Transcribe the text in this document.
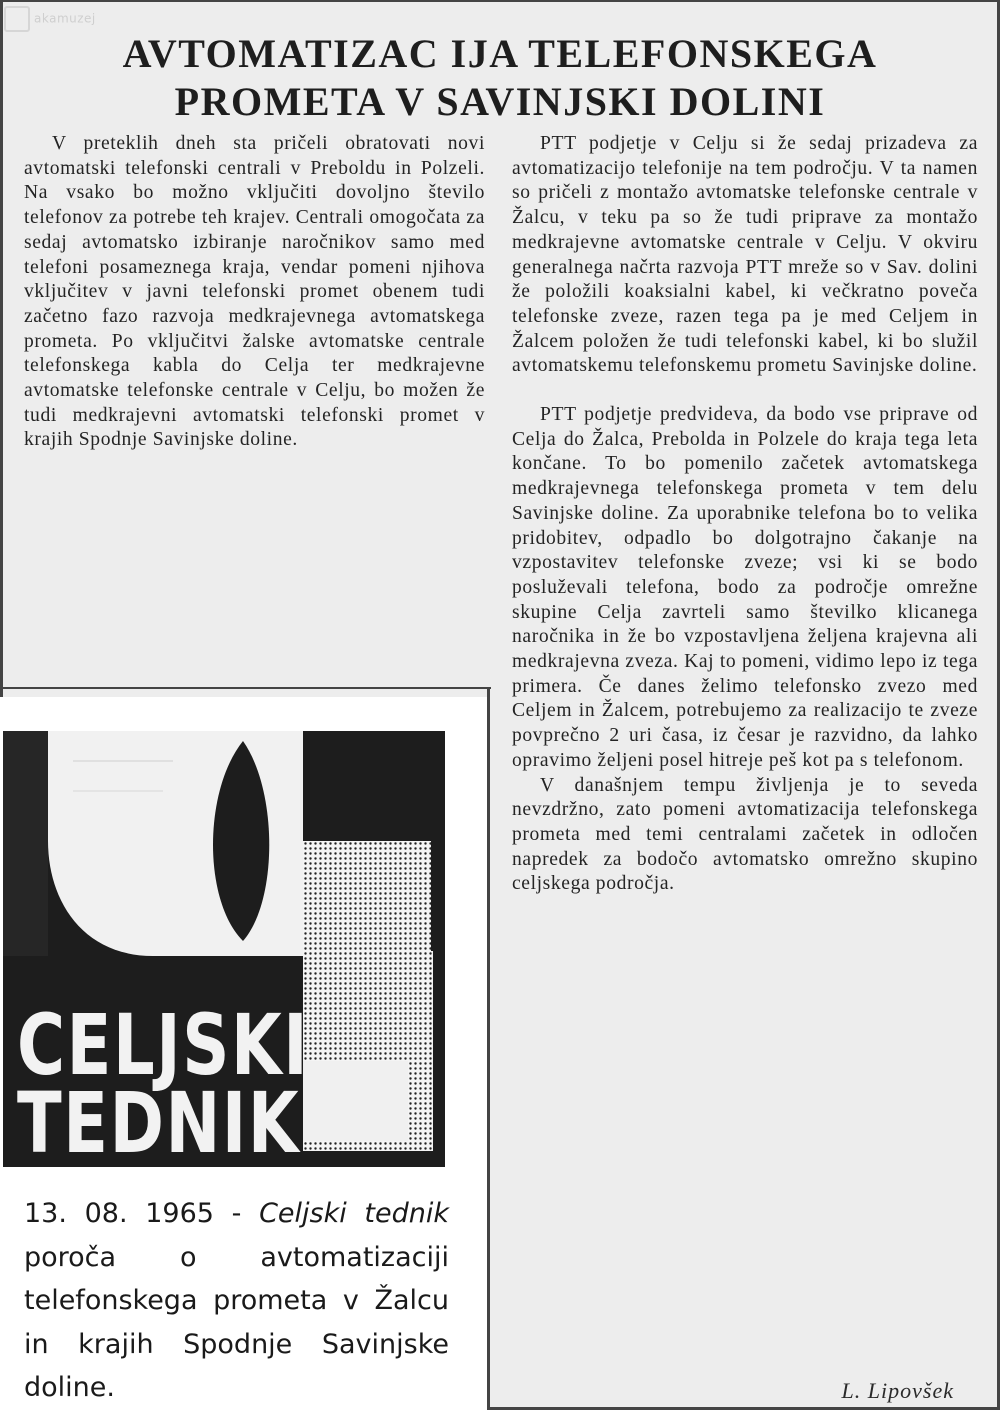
akamuzej
AVTOMATIZAC IJA TELEFONSKEGA
PROMETA V SAVINJSKI DOLINI

V preteklih dneh sta pričeli obratovati novi avtomatski telefonski centrali v Preboldu in Polzeli. Na vsako bo možno vključiti dovoljno število telefonov za potrebe teh krajev. Centrali omogočata za sedaj avtomatsko izbiranje naročnikov samo med telefoni posameznega kraja, vendar pomeni njihova vključitev v javni telefonski promet obenem tudi začetno fazo razvoja medkrajevnega avtomatskega prometa. Po vključitvi žalske avtomatske centrale telefonskega kabla do Celja ter medkrajevne avtomatske telefonske centrale v Celju, bo možen že tudi medkrajevni avtomatski telefonski promet v krajih Spodnje Savinjske doline.

PTT podjetje v Celju si že sedaj prizadeva za avtomatizacijo telefonije na tem področju. V ta namen so pričeli z montažo avtomatske telefonske centrale v Žalcu, v teku pa so že tudi priprave za montažo medkrajevne avtomatske centrale v Celju. V okviru generalnega načrta razvoja PTT mreže so v Sav. dolini že položili koaksialni kabel, ki večkratno poveča telefonske zveze, razen tega pa je med Celjem in Žalcem položen že tudi telefonski kabel, ki bo služil avtomatskemu telefonskemu prometu Savinjske doline.

PTT podjetje predvideva, da bodo vse priprave od Celja do Žalca, Prebolda in Polzele do kraja tega leta končane. To bo pomenilo začetek avtomatskega medkrajevnega telefonskega prometa v tem delu Savinjske doline. Za uporabnike telefona bo to velika pridobitev, odpadlo bo dolgotrajno čakanje na vzpostavitev telefonske zveze; vsi ki se bodo posluževali telefona, bodo za področje omrežne skupine Celja zavrteli samo številko klicanega naročnika in že bo vzpostavljena željena krajevna ali medkrajevna zveza. Kaj to pomeni, vidimo lepo iz tega primera. Če danes želimo telefonsko zvezo med Celjem in Žalcem, potrebujemo za realizacijo te zveze povprečno 2 uri časa, iz česar je razvidno, da lahko opravimo željeni posel hitreje peš kot pa s telefonom.

V današnjem tempu življenja je to seveda nevzdržno, zato pomeni avtomatizacija telefonskega prometa med temi centralami začetek in odločen napredek za bodočo avtomatsko omrežno skupino celjskega področja.

L. Lipovšek
CELJSKI
TEDNIK
13. 08. 1965 - Celjski tednik poroča o avtomatizaciji telefonskega prometa v Žalcu in krajih Spodnje Savinjske doline.
